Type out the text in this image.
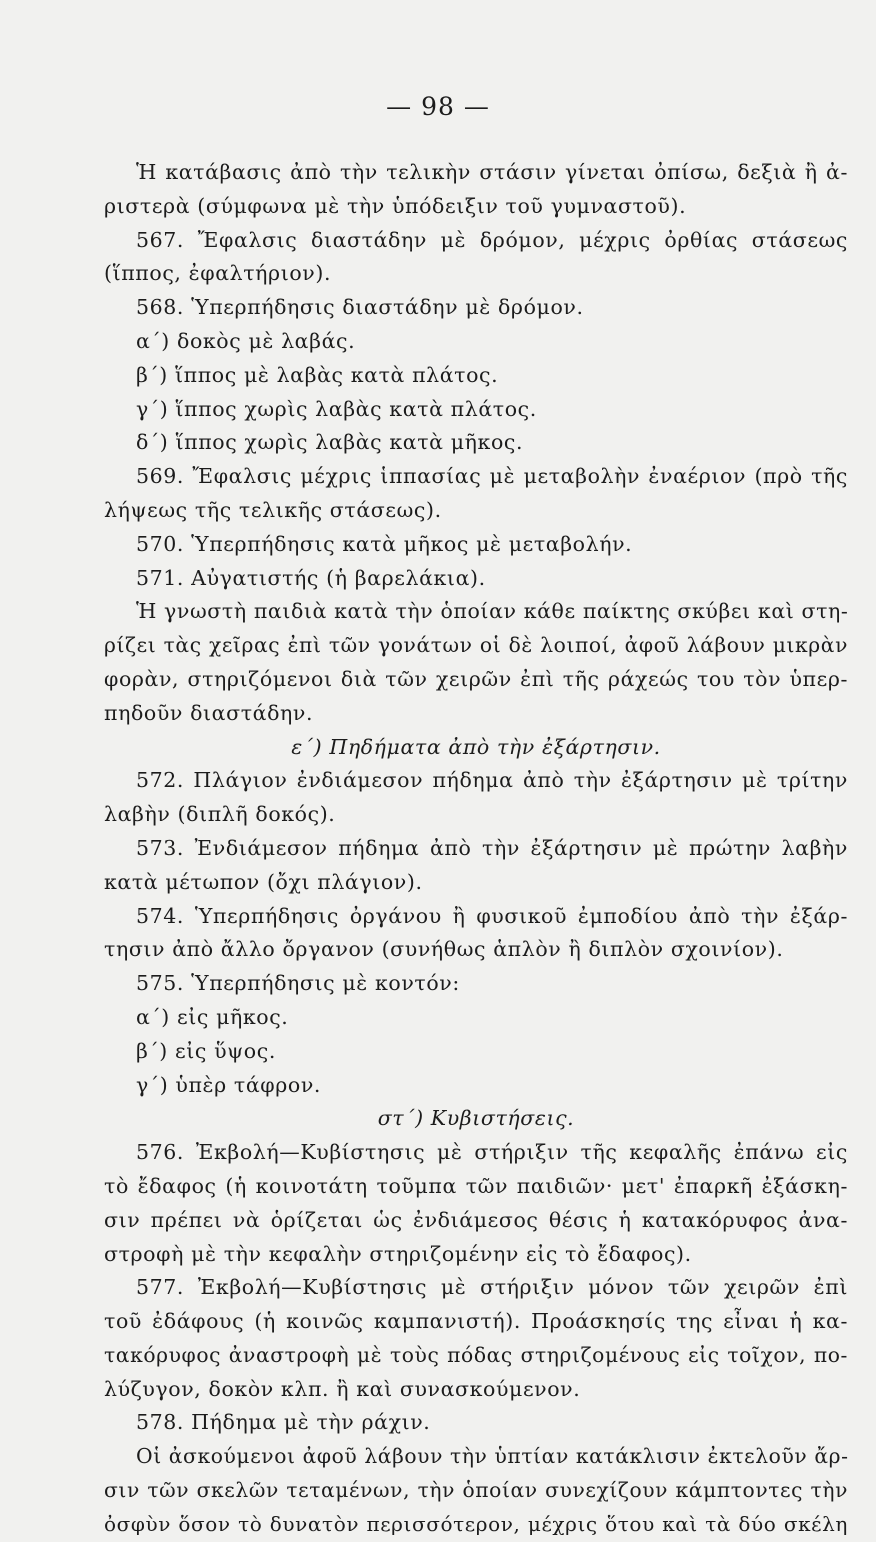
— 98 —
Ἡ κατάβασις ἀπὸ τὴν τελικὴν στάσιν γίνεται ὀπίσω, δεξιὰ ἢ ἀ-
ριστερὰ (σύμφωνα μὲ τὴν ὑπόδειξιν τοῦ γυμναστοῦ).
567. Ἔφαλσις διαστάδην μὲ δρόμον, μέχρις ὀρθίας στάσεως
(ἵππος, ἐφαλτήριον).
568. Ὑπερπήδησις διαστάδην μὲ δρόμον.
α΄) δοκὸς μὲ λαβάς.
β΄) ἵππος μὲ λαβὰς κατὰ πλάτος.
γ΄) ἵππος χωρὶς λαβὰς κατὰ πλάτος.
δ΄) ἵππος χωρὶς λαβὰς κατὰ μῆκος.
569. Ἔφαλσις μέχρις ἱππασίας μὲ μεταβολὴν ἐναέριον (πρὸ τῆς
λήψεως τῆς τελικῆς στάσεως).
570. Ὑπερπήδησις κατὰ μῆκος μὲ μεταβολήν.
571. Αὐγατιστής (ἡ βαρελάκια).
Ἡ γνωστὴ παιδιὰ κατὰ τὴν ὁποίαν κάθε παίκτης σκύβει καὶ στη-
ρίζει τὰς χεῖρας ἐπὶ τῶν γονάτων οἱ δὲ λοιποί, ἀφοῦ λάβουν μικρὰν
φορὰν, στηριζόμενοι διὰ τῶν χειρῶν ἐπὶ τῆς ράχεώς του τὸν ὑπερ-
πηδοῦν διαστάδην.
ε΄) Πηδήματα ἀπὸ τὴν ἐξάρτησιν.
572. Πλάγιον ἐνδιάμεσον πήδημα ἀπὸ τὴν ἐξάρτησιν μὲ τρίτην
λαβὴν (διπλῆ δοκός).
573. Ἐνδιάμεσον πήδημα ἀπὸ τὴν ἐξάρτησιν μὲ πρώτην λαβὴν
κατὰ μέτωπον (ὄχι πλάγιον).
574. Ὑπερπήδησις ὀργάνου ἢ φυσικοῦ ἐμποδίου ἀπὸ τὴν ἐξάρ-
τησιν ἀπὸ ἄλλο ὄργανον (συνήθως ἁπλὸν ἢ διπλὸν σχοινίον).
575. Ὑπερπήδησις μὲ κοντόν:
α΄) εἰς μῆκος.
β΄) εἰς ὕψος.
γ΄) ὑπὲρ τάφρον.
στ΄) Κυβιστήσεις.
576. Ἐκβολή—Κυβίστησις μὲ στήριξιν τῆς κεφαλῆς ἐπάνω εἰς
τὸ ἔδαφος (ἡ κοινοτάτη τοῦμπα τῶν παιδιῶν· μετ' ἐπαρκῆ ἐξάσκη-
σιν πρέπει νὰ ὁρίζεται ὡς ἐνδιάμεσος θέσις ἡ κατακόρυφος ἀνα-
στροφὴ μὲ τὴν κεφαλὴν στηριζομένην εἰς τὸ ἔδαφος).
577. Ἐκβολή—Κυβίστησις μὲ στήριξιν μόνον τῶν χειρῶν ἐπὶ
τοῦ ἐδάφους (ἡ κοινῶς καμπανιστή). Προάσκησίς της εἶναι ἡ κα-
τακόρυφος ἀναστροφὴ μὲ τοὺς πόδας στηριζομένους εἰς τοῖχον, πο-
λύζυγον, δοκὸν κλπ. ἢ καὶ συνασκούμενον.
578. Πήδημα μὲ τὴν ράχιν.
Οἱ ἀσκούμενοι ἀφοῦ λάβουν τὴν ὑπτίαν κατάκλισιν ἐκτελοῦν ἄρ-
σιν τῶν σκελῶν τεταμένων, τὴν ὁποίαν συνεχίζουν κάμπτοντες τὴν
ὀσφὺν ὅσον τὸ δυνατὸν περισσότερον, μέχρις ὅτου καὶ τὰ δύο σκέλη
